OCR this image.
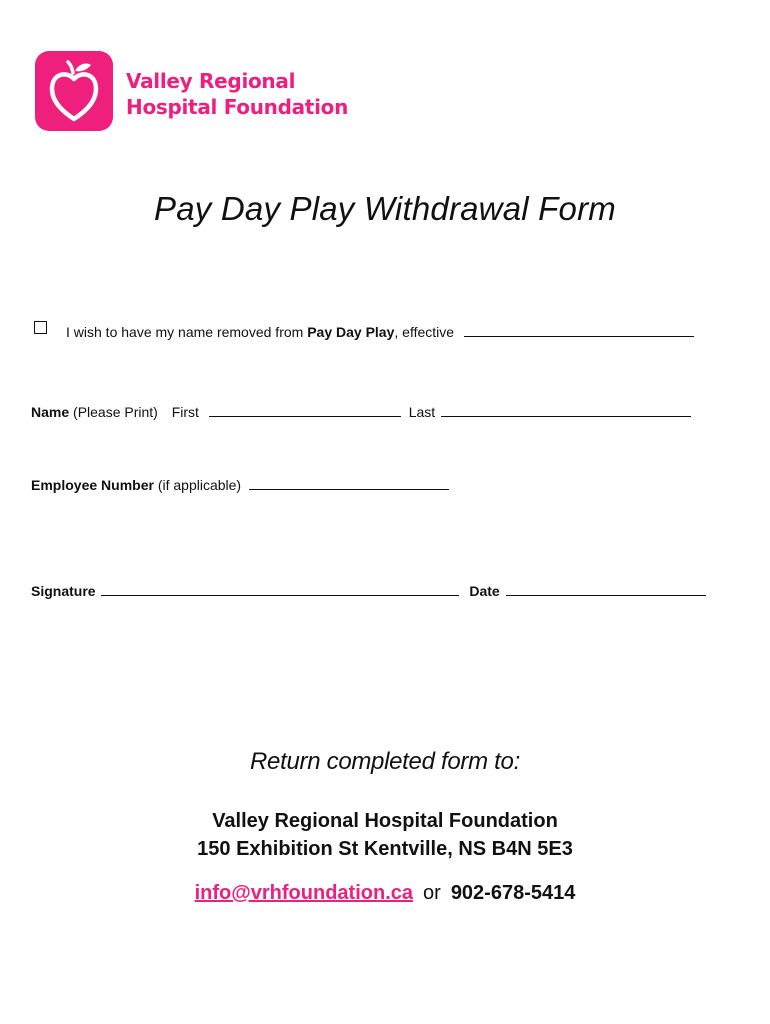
Valley Regional
Hospital Foundation
Pay Day Play Withdrawal Form
I wish to have my name removed from Pay Day Play, effective
Name (Please Print) First	Last
Employee Number (if applicable)
Signature	Date
Return completed form to:
Valley Regional Hospital Foundation
150 Exhibition St Kentville, NS B4N 5E3
info@vrhfoundation.ca or 902-678-5414
